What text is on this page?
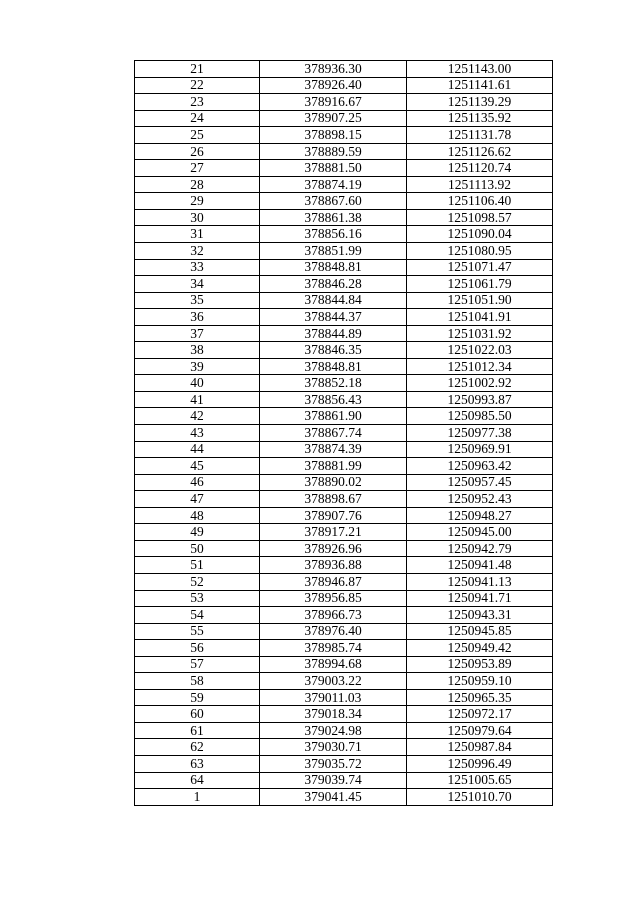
21	378936.30	1251143.00
22	378926.40	1251141.61
23	378916.67	1251139.29
24	378907.25	1251135.92
25	378898.15	1251131.78
26	378889.59	1251126.62
27	378881.50	1251120.74
28	378874.19	1251113.92
29	378867.60	1251106.40
30	378861.38	1251098.57
31	378856.16	1251090.04
32	378851.99	1251080.95
33	378848.81	1251071.47
34	378846.28	1251061.79
35	378844.84	1251051.90
36	378844.37	1251041.91
37	378844.89	1251031.92
38	378846.35	1251022.03
39	378848.81	1251012.34
40	378852.18	1251002.92
41	378856.43	1250993.87
42	378861.90	1250985.50
43	378867.74	1250977.38
44	378874.39	1250969.91
45	378881.99	1250963.42
46	378890.02	1250957.45
47	378898.67	1250952.43
48	378907.76	1250948.27
49	378917.21	1250945.00
50	378926.96	1250942.79
51	378936.88	1250941.48
52	378946.87	1250941.13
53	378956.85	1250941.71
54	378966.73	1250943.31
55	378976.40	1250945.85
56	378985.74	1250949.42
57	378994.68	1250953.89
58	379003.22	1250959.10
59	379011.03	1250965.35
60	379018.34	1250972.17
61	379024.98	1250979.64
62	379030.71	1250987.84
63	379035.72	1250996.49
64	379039.74	1251005.65
1	379041.45	1251010.70
